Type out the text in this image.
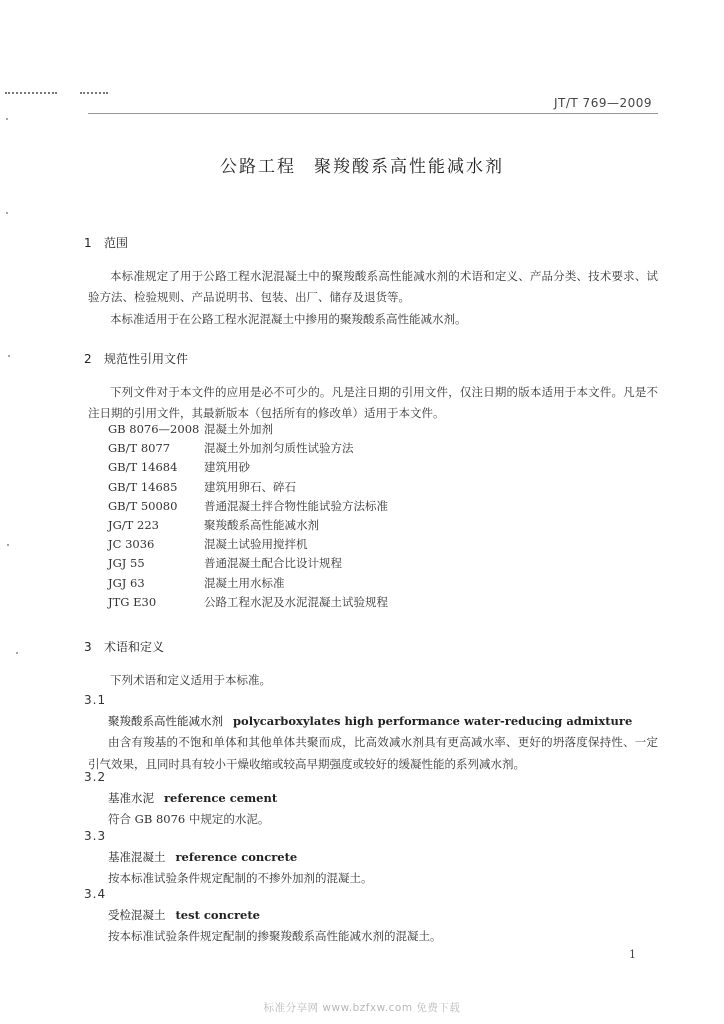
JT/T 769—2009
公路工程 聚羧酸系高性能减水剂
1 范围
本标准规定了用于公路工程水泥混凝土中的聚羧酸系高性能减水剂的术语和定义、产品分类、技术要求、试验方法、检验规则、产品说明书、包装、出厂、储存及退货等。
本标准适用于在公路工程水泥混凝土中掺用的聚羧酸系高性能减水剂。
2 规范性引用文件
下列文件对于本文件的应用是必不可少的。凡是注日期的引用文件，仅注日期的版本适用于本文件。凡是不注日期的引用文件，其最新版本（包括所有的修改单）适用于本文件。
GB 8076—2008 混凝土外加剂
GB/T 8077	混凝土外加剂匀质性试验方法
GB/T 14684 建筑用砂
GB/T 14685 建筑用卵石、碎石
GB/T 50080 普通混凝土拌合物性能试验方法标准
JG/T 223	聚羧酸系高性能减水剂
JC 3036	混凝土试验用搅拌机
JGJ 55	普通混凝土配合比设计规程
JGJ 63	混凝土用水标准
JTG E30	公路工程水泥及水泥混凝土试验规程
3 术语和定义
下列术语和定义适用于本标准。
3.1
聚羧酸系高性能减水剂 polycarboxylates high performance water-reducing admixture
由含有羧基的不饱和单体和其他单体共聚而成，比高效减水剂具有更高减水率、更好的坍落度保持性、一定引气效果，且同时具有较小干燥收缩或较高早期强度或较好的缓凝性能的系列减水剂。
3.2
基准水泥 reference cement
符合 GB 8076 中规定的水泥。
3.3
基准混凝土 reference concrete
按本标准试验条件规定配制的不掺外加剂的混凝土。
3.4
受检混凝土 test concrete
按本标准试验条件规定配制的掺聚羧酸系高性能减水剂的混凝土。
1
标准分享网 www.bzfxw.com 免费下载
